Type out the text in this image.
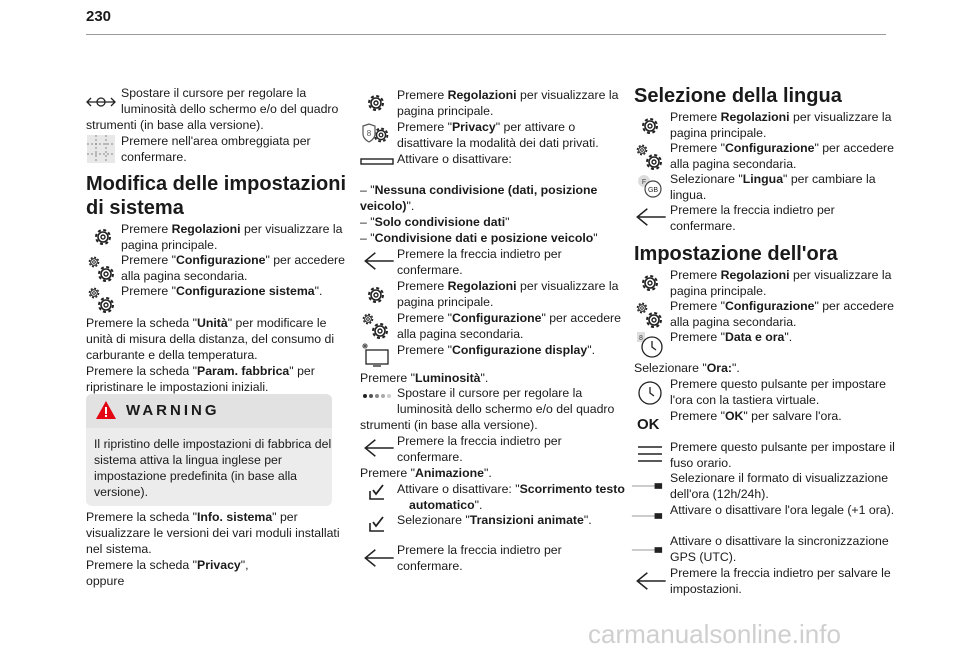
230
Spostare il cursore per regolare la
luminosità dello schermo e/o del quadro
strumenti (in base alla versione).
Premere nell'area ombreggiata per
confermare.
Modifica delle impostazioni
di sistema
Premere Regolazioni per visualizzare la
pagina principale.
Premere "Configurazione" per accedere
alla pagina secondaria.
Premere "Configurazione sistema".
Premere la scheda "Unità" per modificare le
unità di misura della distanza, del consumo di
carburante e della temperatura.
Premere la scheda "Param. fabbrica" per
ripristinare le impostazioni iniziali.
WARNING
Il ripristino delle impostazioni di fabbrica del
sistema attiva la lingua inglese per
impostazione predefinita (in base alla
versione).
Premere la scheda "Info. sistema" per
visualizzare le versioni dei vari moduli installati
nel sistema.
Premere la scheda "Privacy",
oppure
Premere Regolazioni per visualizzare la
pagina principale.
8 Premere "Privacy" per attivare o
disattivare la modalità dei dati privati.
Attivare o disattivare:
– "Nessuna condivisione (dati, posizione
veicolo)".
– "Solo condivisione dati"
– "Condivisione dati e posizione veicolo"
Premere la freccia indietro per
confermare.
Premere Regolazioni per visualizzare la
pagina principale.
Premere "Configurazione" per accedere
alla pagina secondaria.
Premere "Configurazione display".
Premere "Luminosità".
Spostare il cursore per regolare la
luminosità dello schermo e/o del quadro
strumenti (in base alla versione).
Premere la freccia indietro per
confermare.
Premere "Animazione".
Attivare o disattivare: "Scorrimento testo
automatico".
Selezionare "Transizioni animate".
Premere la freccia indietro per
confermare.
Selezione della lingua
Premere Regolazioni per visualizzare la
pagina principale.
Premere "Configurazione" per accedere
alla pagina secondaria.
F
GB
Selezionare "Lingua" per cambiare la
lingua.
Premere la freccia indietro per
confermare.
Impostazione dell'ora
Premere Regolazioni per visualizzare la
pagina principale.
Premere "Configurazione" per accedere
alla pagina secondaria.
8 Premere "Data e ora".
Selezionare "Ora:".
Premere questo pulsante per impostare
l'ora con la tastiera virtuale.
OK Premere "OK" per salvare l'ora.
Premere questo pulsante per impostare il
fuso orario.
Selezionare il formato di visualizzazione
dell'ora (12h/24h).
Attivare o disattivare l'ora legale (+1 ora).
Attivare o disattivare la sincronizzazione
GPS (UTC).
Premere la freccia indietro per salvare le
impostazioni.
carmanualsonline.info
